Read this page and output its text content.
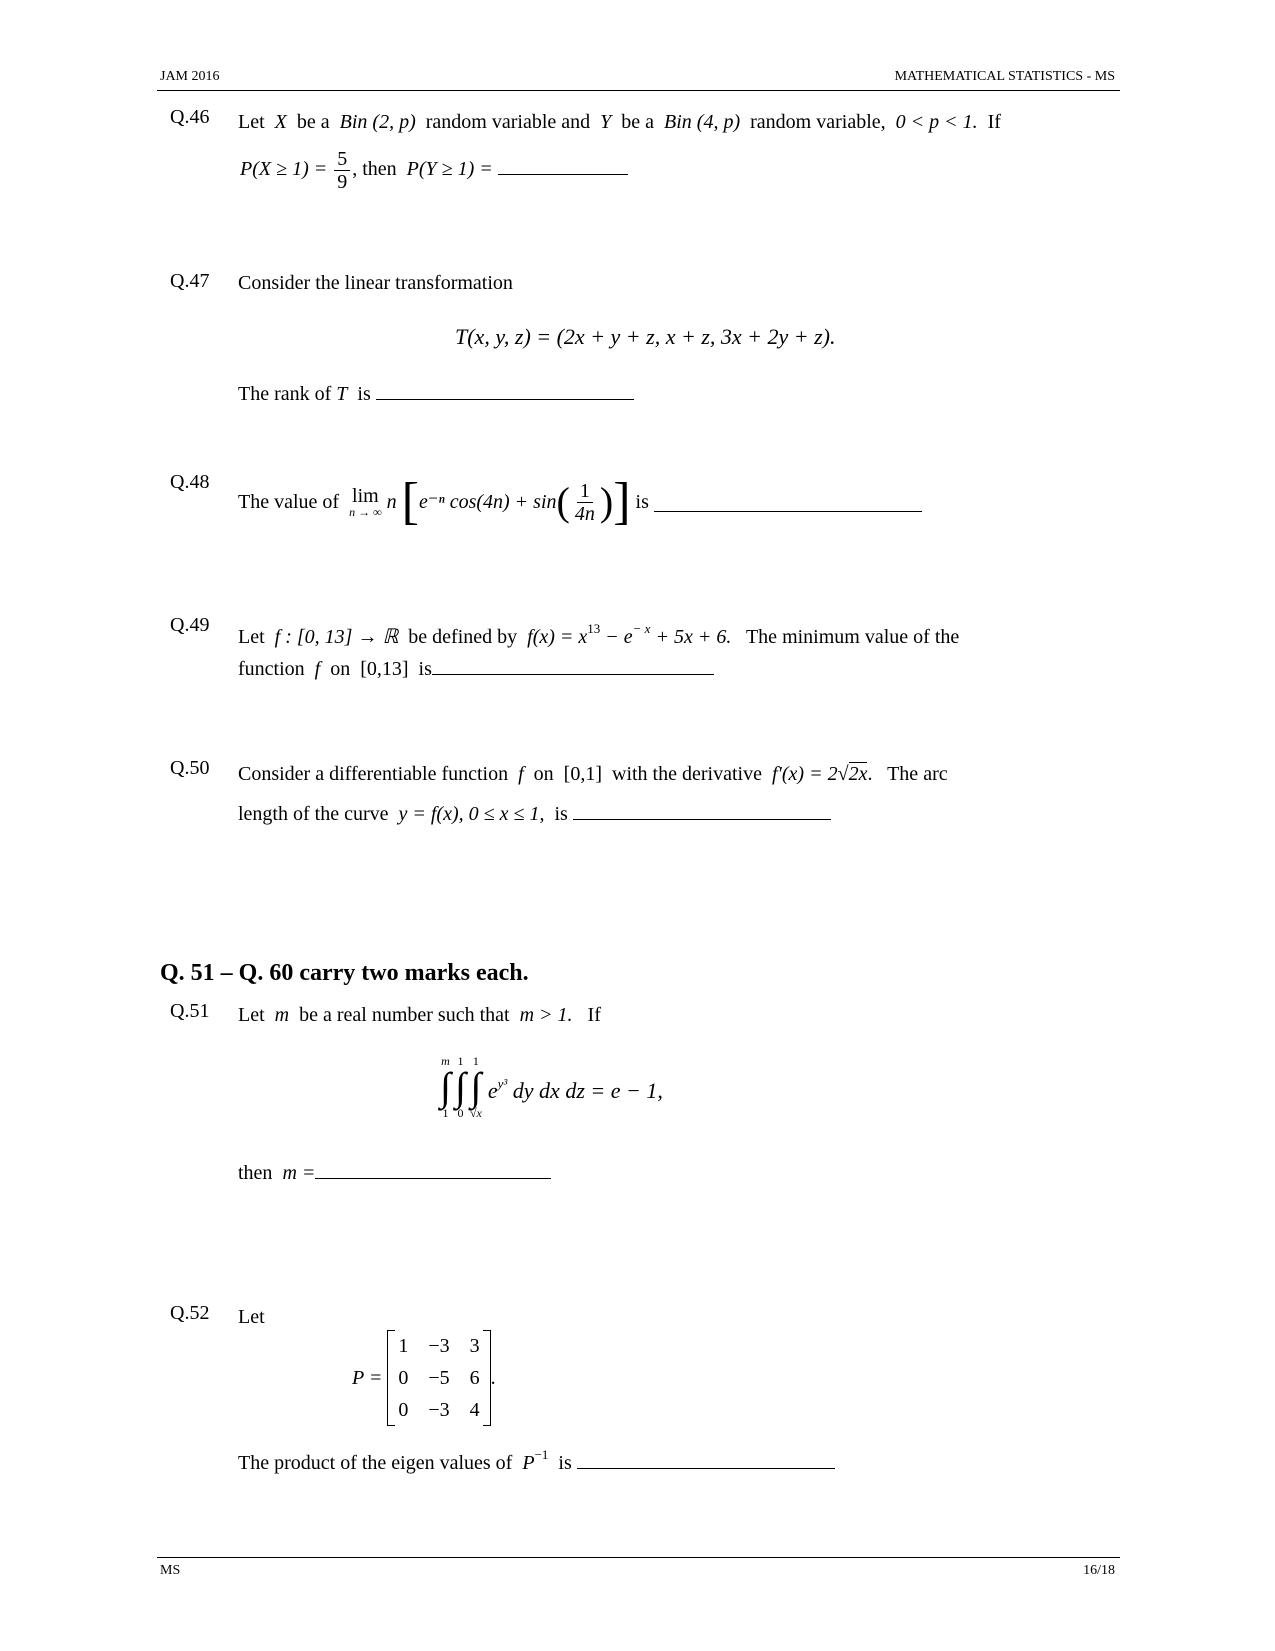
JAM 2016	MATHEMATICAL STATISTICS - MS
Q.46 Let X be a Bin (2, p) random variable and Y be a Bin (4, p) random variable, 0 < p < 1. If
$P(X \ge 1) = \frac{5}{9}$ , then P(Y ≥ 1) =
Q.47 Consider the linear transformation
T(x, y, z) = (2x + y + z, x + z, 3x + 2y + z).
The rank of T is
Q.48
The value of
lim
n → ∞
n
[ e⁻ⁿ cos(4n) + sin ( $\frac{1}{4n}$ ) ]
is

Q.49
Let f : [0, 13] → ℝ be defined by $f(x) = x^{13} - e^{- x} + 5x + 6$. The minimum value of the
function f on [0,13] is
Q.50 Consider a differentiable function f on [0,1] with the derivative f′(x) = 2√2x. The arc
length of the curve y = f(x), 0 ≤ x ≤ 1, is
Q. 51 – Q. 60 carry two marks each.
Q.51 Let m be a real number such that m > 1. If
m
∫
1
1
∫
0
1
∫
√x
$e^{y^3}$ dy dx dz = e − 1,
then m =
Q.52 Let
P =

1	−3	3
0	−5	6
0	−3	4
.
The product of the eigen values of $P^{-1}$ is
MS	16/18
